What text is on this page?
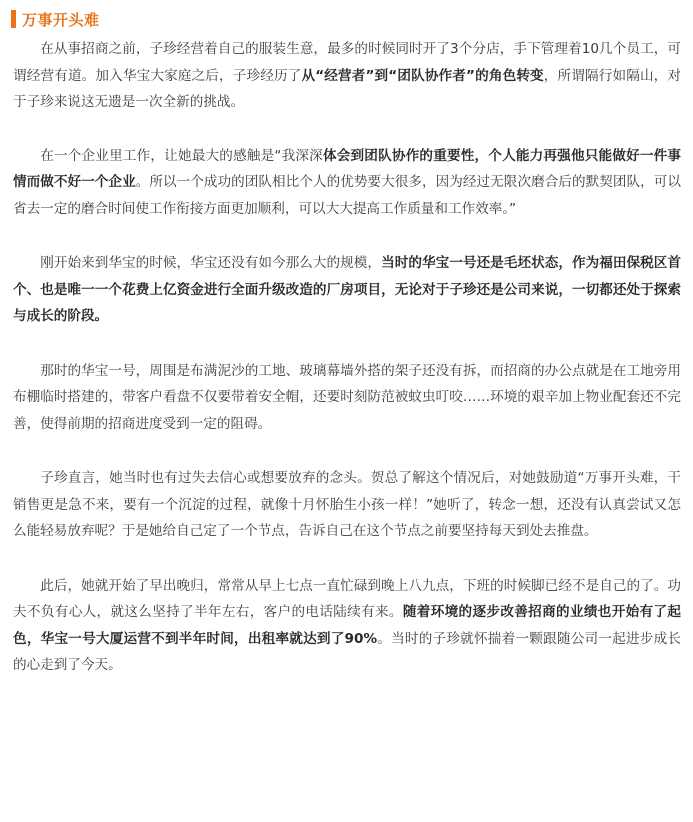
万事开头难

在从事招商之前，子珍经营着自己的服装生意，最多的时候同时开了3个分店，手下管理着10几个员工，可谓经营有道。加入华宝大家庭之后，子珍经历了从“经营者”到“团队协作者”的角色转变，所谓隔行如隔山，对于子珍来说这无遗是一次全新的挑战。

在一个企业里工作，让她最大的感触是“我深深体会到团队协作的重要性，个人能力再强他只能做好一件事情而做不好一个企业。所以一个成功的团队相比个人的优势要大很多，因为经过无限次磨合后的默契团队，可以省去一定的磨合时间使工作衔接方面更加顺利，可以大大提高工作质量和工作效率。”

刚开始来到华宝的时候，华宝还没有如今那么大的规模，当时的华宝一号还是毛坯状态，作为福田保税区首个、也是唯一一个花费上亿资金进行全面升级改造的厂房项目，无论对于子珍还是公司来说，一切都还处于探索与成长的阶段。

那时的华宝一号，周围是布满泥沙的工地、玻璃幕墙外搭的架子还没有拆，而招商的办公点就是在工地旁用布棚临时搭建的，带客户看盘不仅要带着安全帽，还要时刻防范被蚊虫叮咬……环境的艰辛加上物业配套还不完善，使得前期的招商进度受到一定的阻碍。

子珍直言，她当时也有过失去信心或想要放弃的念头。贺总了解这个情况后，对她鼓励道“万事开头难，干销售更是急不来，要有一个沉淀的过程，就像十月怀胎生小孩一样！”她听了，转念一想，还没有认真尝试又怎么能轻易放弃呢？于是她给自己定了一个节点，告诉自己在这个节点之前要坚持每天到处去推盘。

此后，她就开始了早出晚归，常常从早上七点一直忙碌到晚上八九点，下班的时候脚已经不是自己的了。功夫不负有心人，就这么坚持了半年左右，客户的电话陆续有来。随着环境的逐步改善招商的业绩也开始有了起色，华宝一号大厦运营不到半年时间，出租率就达到了90%。当时的子珍就怀揣着一颗跟随公司一起进步成长的心走到了今天。
